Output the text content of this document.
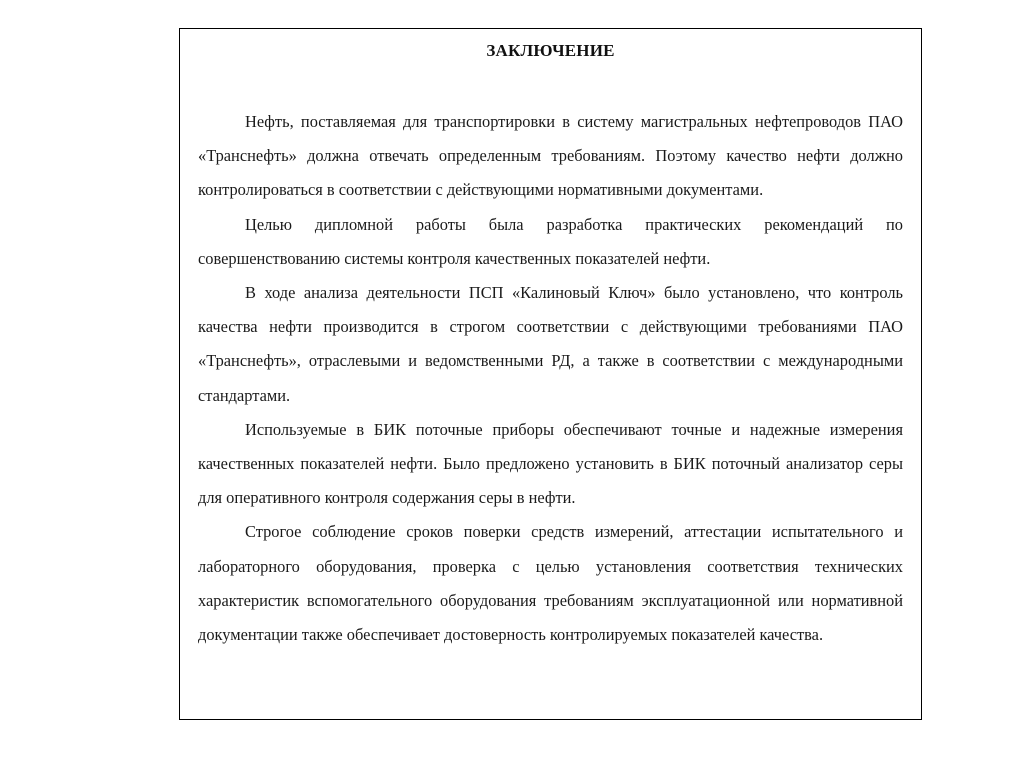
ЗАКЛЮЧЕНИЕ

Нефть, поставляемая для транспортировки в систему магистральных нефтепроводов ПАО «Транснефть» должна отвечать определенным требованиям. Поэтому качество нефти должно контролироваться в соответствии с действующими нормативными документами.

Целью дипломной работы была разработка практических рекомендаций по совершенствованию системы контроля качественных показателей нефти.

В ходе анализа деятельности ПСП «Калиновый Ключ» было установлено, что контроль качества нефти производится в строгом соответствии с действующими требованиями ПАО «Транснефть», отраслевыми и ведомственными РД, а также в соответствии с международными стандартами.

Используемые в БИК поточные приборы обеспечивают точные и надежные измерения качественных показателей нефти. Было предложено установить в БИК поточный анализатор серы для оперативного контроля содержания серы в нефти.

Строгое соблюдение сроков поверки средств измерений, аттестации испытательного и лабораторного оборудования, проверка с целью установления соответствия технических характеристик вспомогательного оборудования требованиям эксплуатационной или нормативной документации также обеспечивает достоверность контролируемых показателей качества.
